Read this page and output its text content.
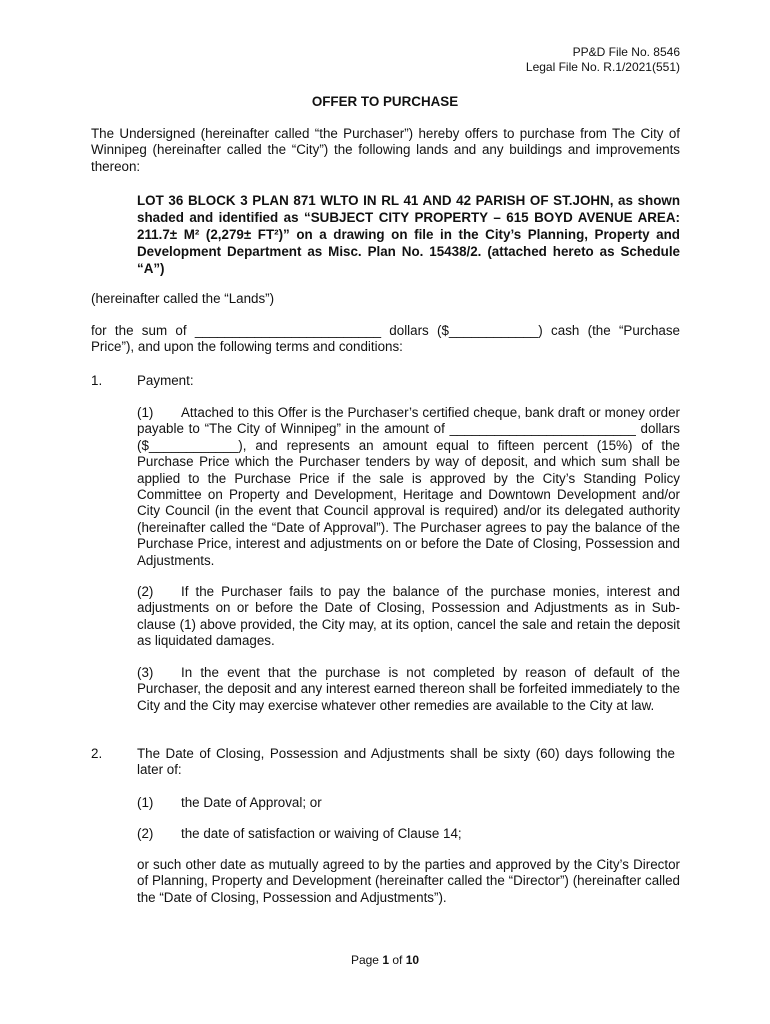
PP&D File No. 8546
Legal File No. R.1/2021(551)
OFFER TO PURCHASE
The Undersigned (hereinafter called “the Purchaser”) hereby offers to purchase from The City of Winnipeg (hereinafter called the “City”) the following lands and any buildings and improvements thereon:
LOT 36 BLOCK 3 PLAN 871 WLTO IN RL 41 AND 42 PARISH OF ST.JOHN, as shown shaded and identified as “SUBJECT CITY PROPERTY – 615 BOYD AVENUE AREA: 211.7± M² (2,279± FT²)” on a drawing on file in the City’s Planning, Property and Development Department as Misc. Plan No. 15438/2. (attached hereto as Schedule “A”)
(hereinafter called the “Lands”)
for the sum of _________________________ dollars ($____________) cash (the “Purchase Price”), and upon the following terms and conditions:
1.	Payment:
(1) Attached to this Offer is the Purchaser’s certified cheque, bank draft or money order payable to “The City of Winnipeg” in the amount of _________________________ dollars ($____________), and represents an amount equal to fifteen percent (15%) of the Purchase Price which the Purchaser tenders by way of deposit, and which sum shall be applied to the Purchase Price if the sale is approved by the City’s Standing Policy Committee on Property and Development, Heritage and Downtown Development and/or City Council (in the event that Council approval is required) and/or its delegated authority (hereinafter called the “Date of Approval”). The Purchaser agrees to pay the balance of the Purchase Price, interest and adjustments on or before the Date of Closing, Possession and Adjustments.
(2) If the Purchaser fails to pay the balance of the purchase monies, interest and adjustments on or before the Date of Closing, Possession and Adjustments as in Sub-clause (1) above provided, the City may, at its option, cancel the sale and retain the deposit as liquidated damages.
(3) In the event that the purchase is not completed by reason of default of the Purchaser, the deposit and any interest earned thereon shall be forfeited immediately to the City and the City may exercise whatever other remedies are available to the City at law.
2.	The Date of Closing, Possession and Adjustments shall be sixty (60) days following the later of:
(1) the Date of Approval; or
(2) the date of satisfaction or waiving of Clause 14;
or such other date as mutually agreed to by the parties and approved by the City’s Director of Planning, Property and Development (hereinafter called the “Director”) (hereinafter called the “Date of Closing, Possession and Adjustments”).
Page 1 of 10
